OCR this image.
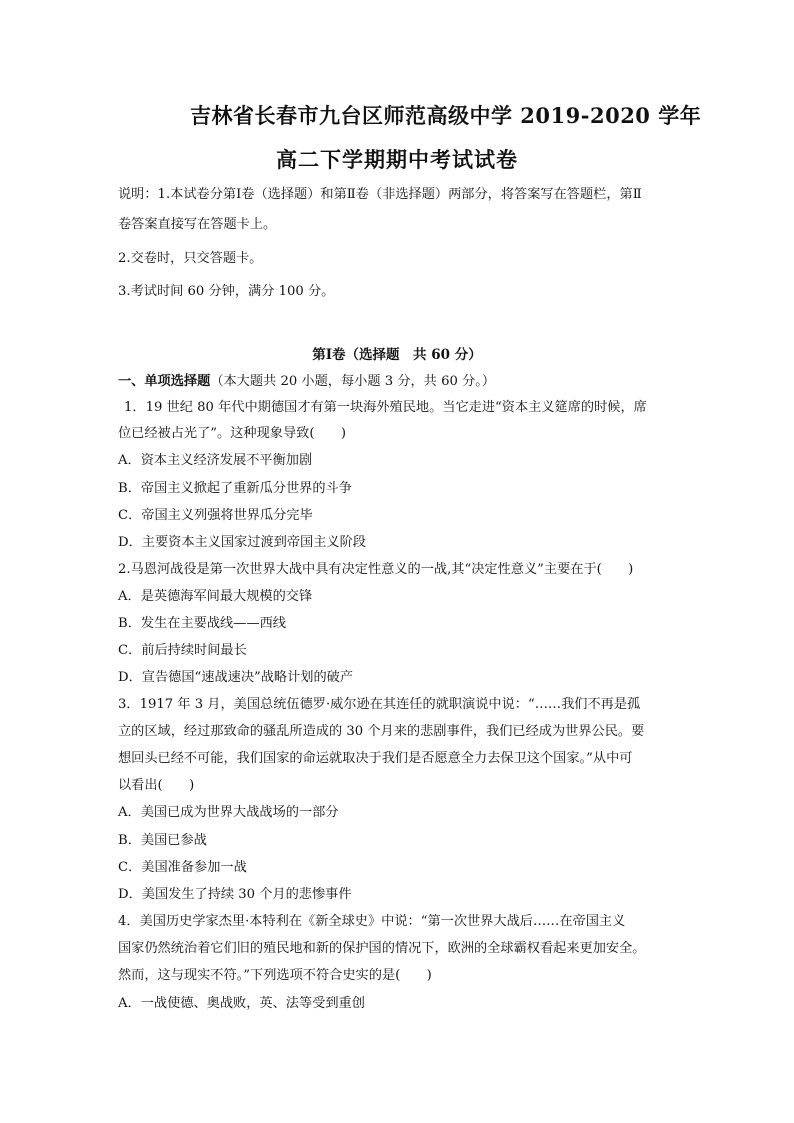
吉林省长春市九台区师范高级中学 2019-2020 学年
高二下学期期中考试试卷
说明：1.本试卷分第Ⅰ卷（选择题）和第Ⅱ卷（非选择题）两部分，将答案写在答题栏，第Ⅱ
卷答案直接写在答题卡上。
2.交卷时，只交答题卡。
3.考试时间 60 分钟，满分 100 分。
第Ⅰ卷（选择题　共 60 分）
一、单项选择题（本大题共 20 小题，每小题 3 分，共 60 分。）
1．19 世纪 80 年代中期德国才有第一块海外殖民地。当它走进“资本主义筵席的时候，席
位已经被占光了”。这种现象导致(　　)
A．资本主义经济发展不平衡加剧
B．帝国主义掀起了重新瓜分世界的斗争
C．帝国主义列强将世界瓜分完毕
D．主要资本主义国家过渡到帝国主义阶段
2.马恩河战役是第一次世界大战中具有决定性意义的一战,其“决定性意义”主要在于(　　)
A．是英德海军间最大规模的交锋
B．发生在主要战线——西线
C．前后持续时间最长
D．宣告德国“速战速决”战略计划的破产
3．1917 年 3 月，美国总统伍德罗·威尔逊在其连任的就职演说中说：“……我们不再是孤
立的区域，经过那致命的骚乱所造成的 30 个月来的悲剧事件，我们已经成为世界公民。要
想回头已经不可能，我们国家的命运就取决于我们是否愿意全力去保卫这个国家。”从中可
以看出(　　)
A．美国已成为世界大战战场的一部分
B．美国已参战
C．美国准备参加一战
D．美国发生了持续 30 个月的悲惨事件
4．美国历史学家杰里·本特利在《新全球史》中说：“第一次世界大战后……在帝国主义
国家仍然统治着它们旧的殖民地和新的保护国的情况下，欧洲的全球霸权看起来更加安全。
然而，这与现实不符。”下列选项不符合史实的是(　　)
A．一战使德、奥战败，英、法等受到重创
